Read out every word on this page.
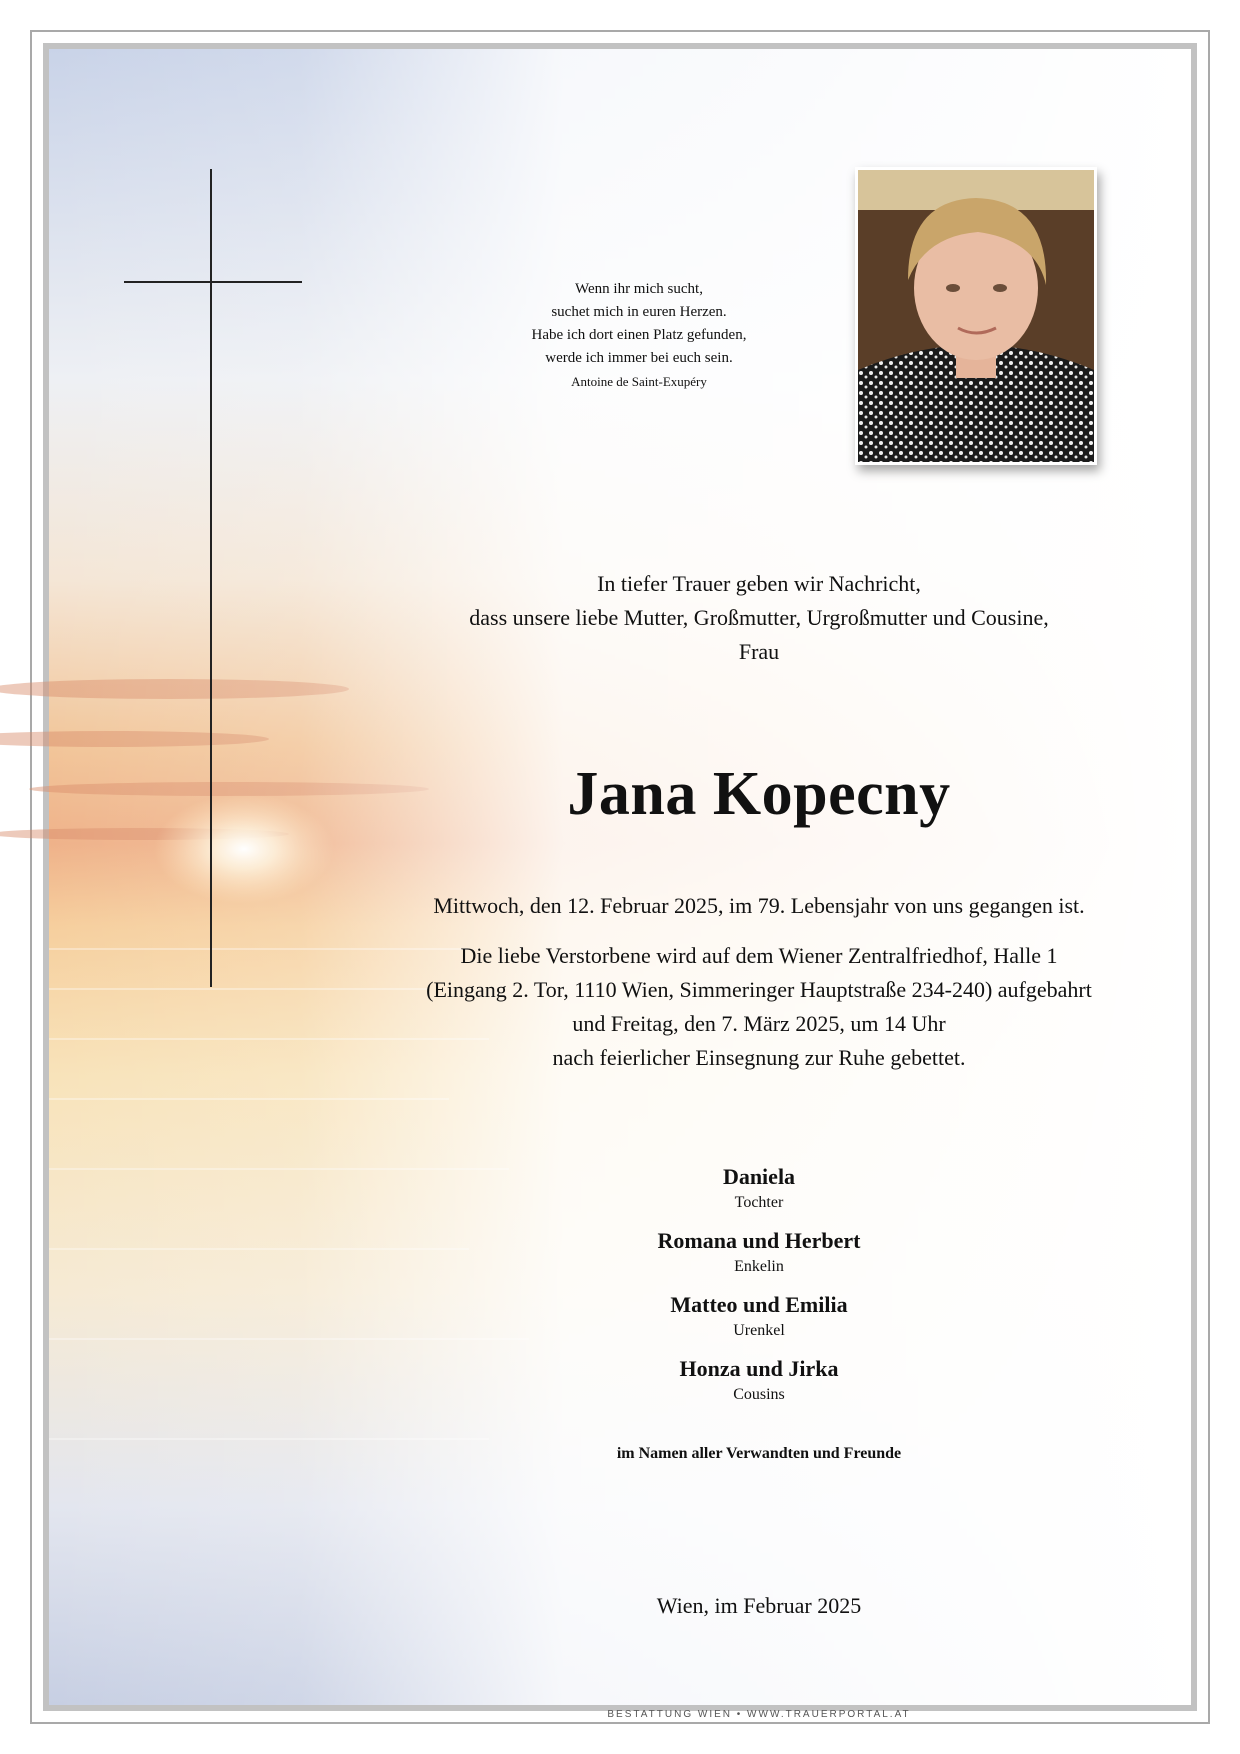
Wenn ihr mich sucht,
suchet mich in euren Herzen.
Habe ich dort einen Platz gefunden,
werde ich immer bei euch sein.
Antoine de Saint-Exupéry
In tiefer Trauer geben wir Nachricht,
dass unsere liebe Mutter, Großmutter, Urgroßmutter und Cousine,
Frau
Jana Kopecny
Mittwoch, den 12. Februar 2025, im 79. Lebensjahr von uns gegangen ist.
Die liebe Verstorbene wird auf dem Wiener Zentralfriedhof, Halle 1
(Eingang 2. Tor, 1110 Wien, Simmeringer Hauptstraße 234-240) aufgebahrt
und Freitag, den 7. März 2025, um 14 Uhr
nach feierlicher Einsegnung zur Ruhe gebettet.
Daniela
Tochter
Romana und Herbert
Enkelin
Matteo und Emilia
Urenkel
Honza und Jirka
Cousins
im Namen aller Verwandten und Freunde
Wien, im Februar 2025
BESTATTUNG WIEN • WWW.TRAUERPORTAL.AT
